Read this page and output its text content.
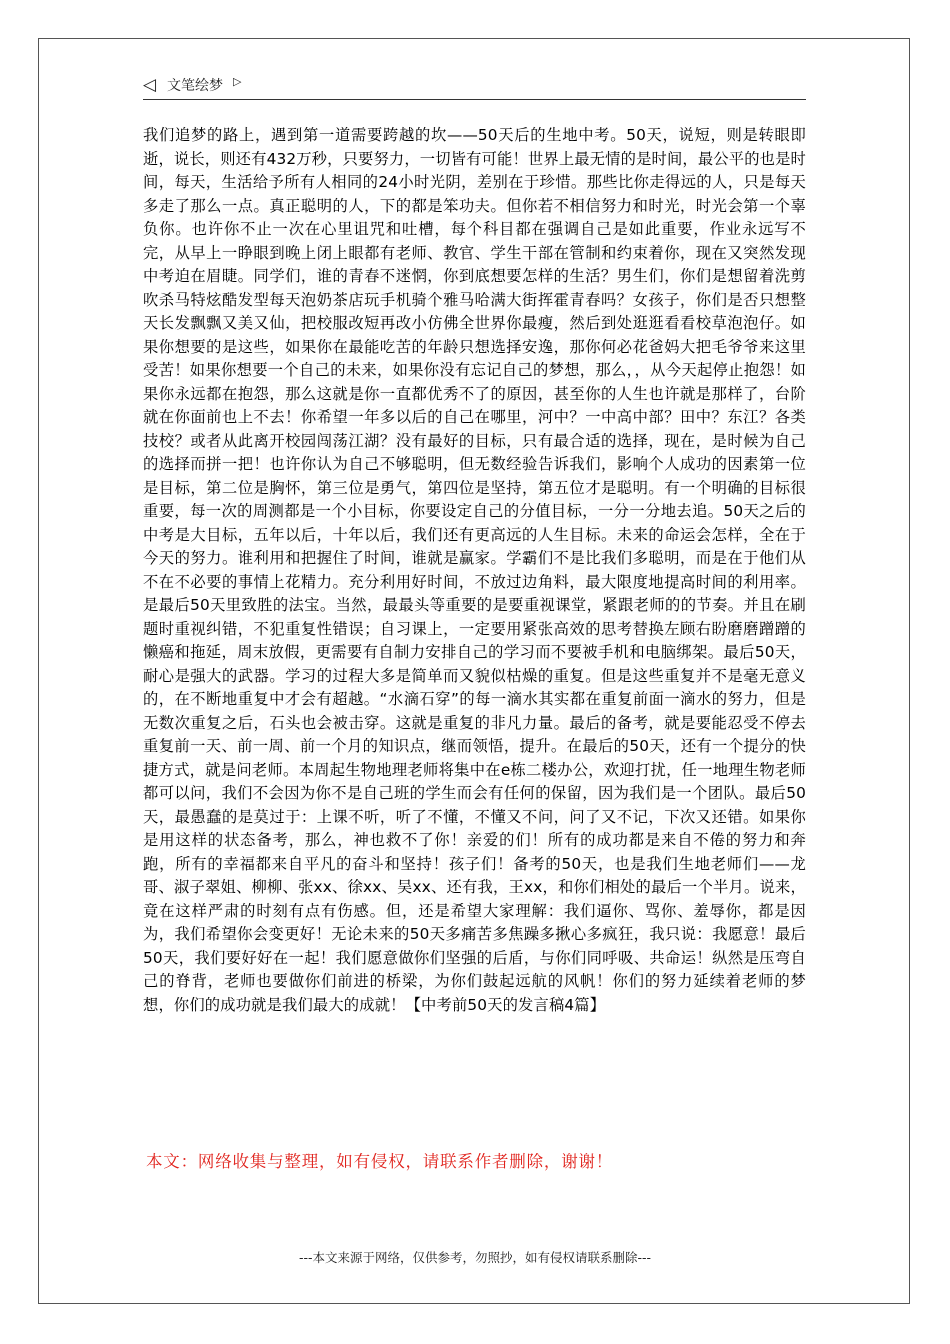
◁ 文笔绘梦 ▷

我们追梦的路上，遇到第一道需要跨越的坎——50天后的生地中考。50天，说短，则是转眼即逝，说长，则还有432万秒，只要努力，一切皆有可能！世界上最无情的是时间，最公平的也是时间，每天，生活给予所有人相同的24小时光阴，差别在于珍惜。那些比你走得远的人，只是每天多走了那么一点。真正聪明的人，下的都是笨功夫。但你若不相信努力和时光，时光会第一个辜负你。也许你不止一次在心里诅咒和吐槽，每个科目都在强调自己是如此重要，作业永远写不完，从早上一睁眼到晚上闭上眼都有老师、教官、学生干部在管制和约束着你，现在又突然发现中考迫在眉睫。同学们，谁的青春不迷惘，你到底想要怎样的生活？男生们，你们是想留着洗剪吹杀马特炫酷发型每天泡奶茶店玩手机骑个雅马哈满大街挥霍青春吗？女孩子，你们是否只想整天长发飘飘又美又仙，把校服改短再改小仿佛全世界你最瘦，然后到处逛逛看看校草泡泡仔。如果你想要的是这些，如果你在最能吃苦的年龄只想选择安逸，那你何必花爸妈大把毛爷爷来这里受苦！如果你想要一个自己的未来，如果你没有忘记自己的梦想，那么，，从今天起停止抱怨！如果你永远都在抱怨，那么这就是你一直都优秀不了的原因，甚至你的人生也许就是那样了，台阶就在你面前也上不去！你希望一年多以后的自己在哪里，河中？一中高中部？田中？东江？各类技校？或者从此离开校园闯荡江湖？没有最好的目标，只有最合适的选择，现在，是时候为自己的选择而拼一把！也许你认为自己不够聪明，但无数经验告诉我们，影响个人成功的因素第一位是目标，第二位是胸怀，第三位是勇气，第四位是坚持，第五位才是聪明。有一个明确的目标很重要，每一次的周测都是一个小目标，你要设定自己的分值目标，一分一分地去追。50天之后的中考是大目标，五年以后，十年以后，我们还有更高远的人生目标。未来的命运会怎样，全在于今天的努力。谁利用和把握住了时间，谁就是赢家。学霸们不是比我们多聪明，而是在于他们从不在不必要的事情上花精力。充分利用好时间，不放过边角料，最大限度地提高时间的利用率。是最后50天里致胜的法宝。当然，最最头等重要的是要重视课堂，紧跟老师的的节奏。并且在刷题时重视纠错，不犯重复性错误；自习课上，一定要用紧张高效的思考替换左顾右盼磨磨蹭蹭的懒癌和拖延，周末放假，更需要有自制力安排自己的学习而不要被手机和电脑绑架。最后50天，耐心是强大的武器。学习的过程大多是简单而又貌似枯燥的重复。但是这些重复并不是毫无意义的，在不断地重复中才会有超越。“水滴石穿”的每一滴水其实都在重复前面一滴水的努力，但是无数次重复之后，石头也会被击穿。这就是重复的非凡力量。最后的备考，就是要能忍受不停去重复前一天、前一周、前一个月的知识点，继而领悟，提升。在最后的50天，还有一个提分的快捷方式，就是问老师。本周起生物地理老师将集中在e栋二楼办公，欢迎打扰，任一地理生物老师都可以问，我们不会因为你不是自己班的学生而会有任何的保留，因为我们是一个团队。最后50天，最愚蠢的是莫过于：上课不听，听了不懂，不懂又不问，问了又不记，下次又还错。如果你是用这样的状态备考，那么，神也救不了你！亲爱的们！所有的成功都是来自不倦的努力和奔跑，所有的幸福都来自平凡的奋斗和坚持！孩子们！备考的50天，也是我们生地老师们——龙哥、淑子翠姐、柳柳、张xx、徐xx、吴xx、还有我，王xx，和你们相处的最后一个半月。说来，竟在这样严肃的时刻有点有伤感。但，还是希望大家理解：我们逼你、骂你、羞辱你，都是因为，我们希望你会变更好！无论未来的50天多痛苦多焦躁多揪心多疯狂，我只说：我愿意！最后50天，我们要好好在一起！我们愿意做你们坚强的后盾，与你们同呼吸、共命运！纵然是压弯自己的脊背，老师也要做你们前进的桥梁，为你们鼓起远航的风帆！你们的努力延续着老师的梦想，你们的成功就是我们最大的成就！【中考前50天的发言稿4篇】

本文：网络收集与整理，如有侵权，请联系作者删除，谢谢！

---本文来源于网络，仅供参考，勿照抄，如有侵权请联系删除---
